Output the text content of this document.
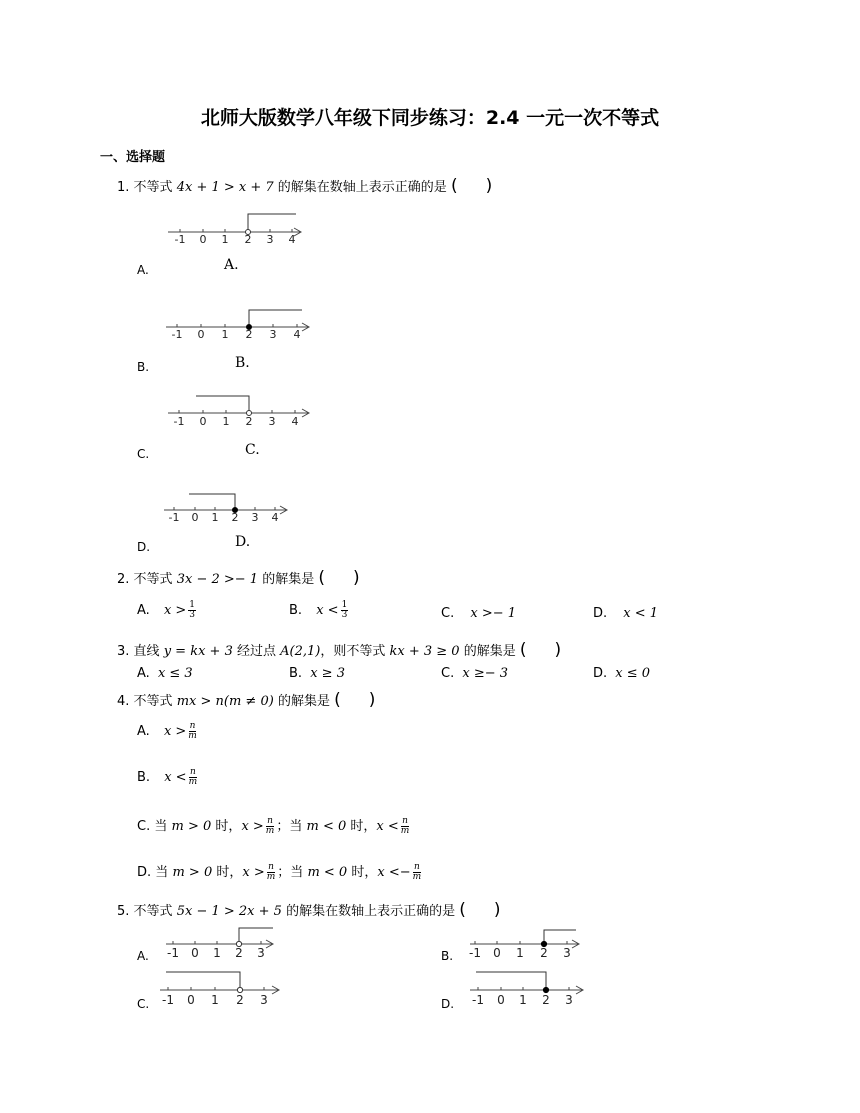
北师大版数学八年级下同步练习：2.4 一元一次不等式
一、选择题
1. 不等式 4x + 1 > x + 7 的解集在数轴上表示正确的是 ( )
-1 0 1 2 3 4
A.
A.
-1 0 1 2 3 4
B.
B.
-1 0 1 2 3 4
C.
C.
-1 0 1 2 3 4
D.
D.
2. 不等式 3x − 2 >− 1 的解集是 ( )
A. $x > \frac{1}{3}$	B. $x < \frac{1}{3}$	C. x >− 1	D. x < 1
3. 直线 y = kx + 3 经过点 A(2,1)，则不等式 kx + 3 ≥ 0 的解集是 ( )
A. x ≤ 3	B. x ≥ 3	C. x ≥− 3	D. x ≤ 0
4. 不等式 mx > n(m ≠ 0) 的解集是 ( )
A. $x > \frac{n}{m}$
B. $x < \frac{n}{m}$
C. 当 m > 0 时，$x > \frac{n}{m}$ ；当 m < 0 时，$x < \frac{n}{m}$
D. 当 m > 0 时，$x > \frac{n}{m}$ ；当 m < 0 时，$x <- \frac{n}{m}$
5. 不等式 5x − 1 > 2x + 5 的解集在数轴上表示正确的是 ( )
A. -1 0 1 2 3	B. -1 0 1 2 3
C. -1 0 1 2 3	D. -1 0 1 2 3
